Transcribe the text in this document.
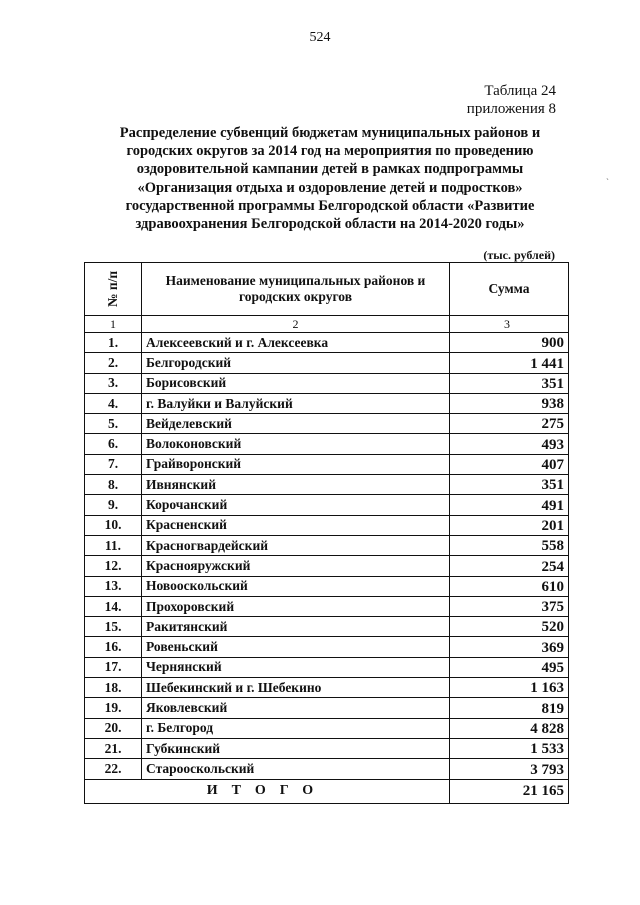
524
Таблица 24
приложения 8
Распределение субвенций бюджетам муниципальных районов и городских округов за 2014 год на мероприятия по проведению оздоровительной кампании детей в рамках подпрограммы «Организация отдыха и оздоровление детей и подростков» государственной программы Белгородской области «Развитие здравоохранения Белгородской области на 2014-2020 годы»
`
(тыс. рублей)
№ п/п	Наименование муниципальных районов и городских округов	Сумма
1	2	3
1.	Алексеевский и г. Алексеевка	900
2.	Белгородский	1 441
3.	Борисовский	351
4.	г. Валуйки и Валуйский	938
5.	Вейделевский	275
6.	Волоконовский	493
7.	Грайворонский	407
8.	Ивнянский	351
9.	Корочанский	491
10.	Красненский	201
11.	Красногвардейский	558
12.	Краснояружский	254
13.	Новооскольский	610
14.	Прохоровский	375
15.	Ракитянский	520
16.	Ровеньский	369
17.	Чернянский	495
18.	Шебекинский и г. Шебекино	1 163
19.	Яковлевский	819
20.	г. Белгород	4 828
21.	Губкинский	1 533
22.	Старооскольский	3 793
ИТОГО		21 165
